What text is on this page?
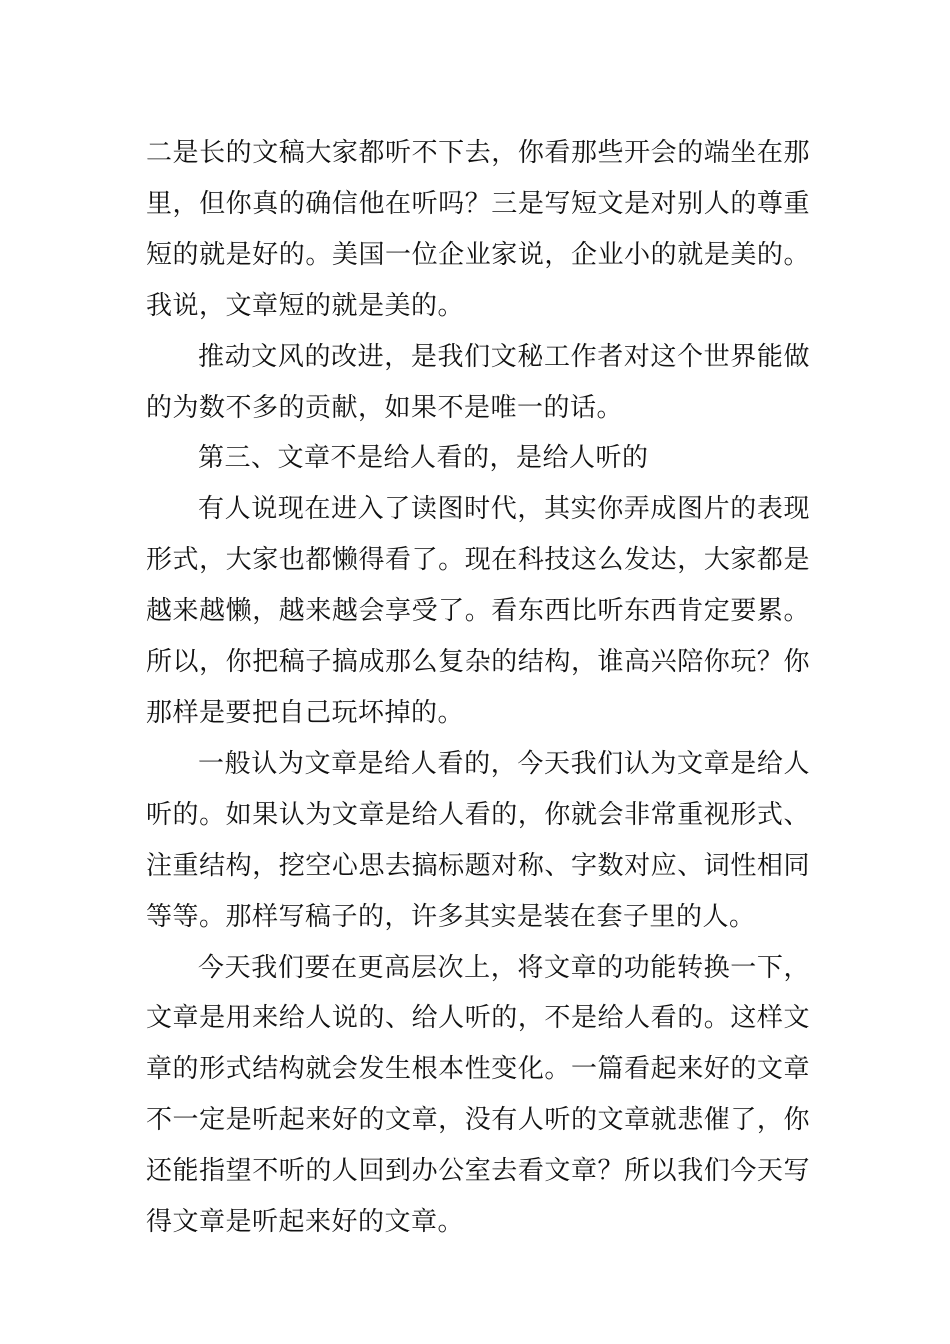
二是长的文稿大家都听不下去，你看那些开会的端坐在那里，但你真的确信他在听吗？三是写短文是对别人的尊重短的就是好的。美国一位企业家说，企业小的就是美的。我说，文章短的就是美的。

推动文风的改进，是我们文秘工作者对这个世界能做的为数不多的贡献，如果不是唯一的话。

第三、文章不是给人看的，是给人听的

有人说现在进入了读图时代，其实你弄成图片的表现形式，大家也都懒得看了。现在科技这么发达，大家都是越来越懒，越来越会享受了。看东西比听东西肯定要累。所以，你把稿子搞成那么复杂的结构，谁高兴陪你玩？你那样是要把自己玩坏掉的。

一般认为文章是给人看的，今天我们认为文章是给人听的。如果认为文章是给人看的，你就会非常重视形式、注重结构，挖空心思去搞标题对称、字数对应、词性相同等等。那样写稿子的，许多其实是装在套子里的人。

今天我们要在更高层次上，将文章的功能转换一下，文章是用来给人说的、给人听的，不是给人看的。这样文章的形式结构就会发生根本性变化。一篇看起来好的文章不一定是听起来好的文章，没有人听的文章就悲催了，你还能指望不听的人回到办公室去看文章？所以我们今天写得文章是听起来好的文章。
